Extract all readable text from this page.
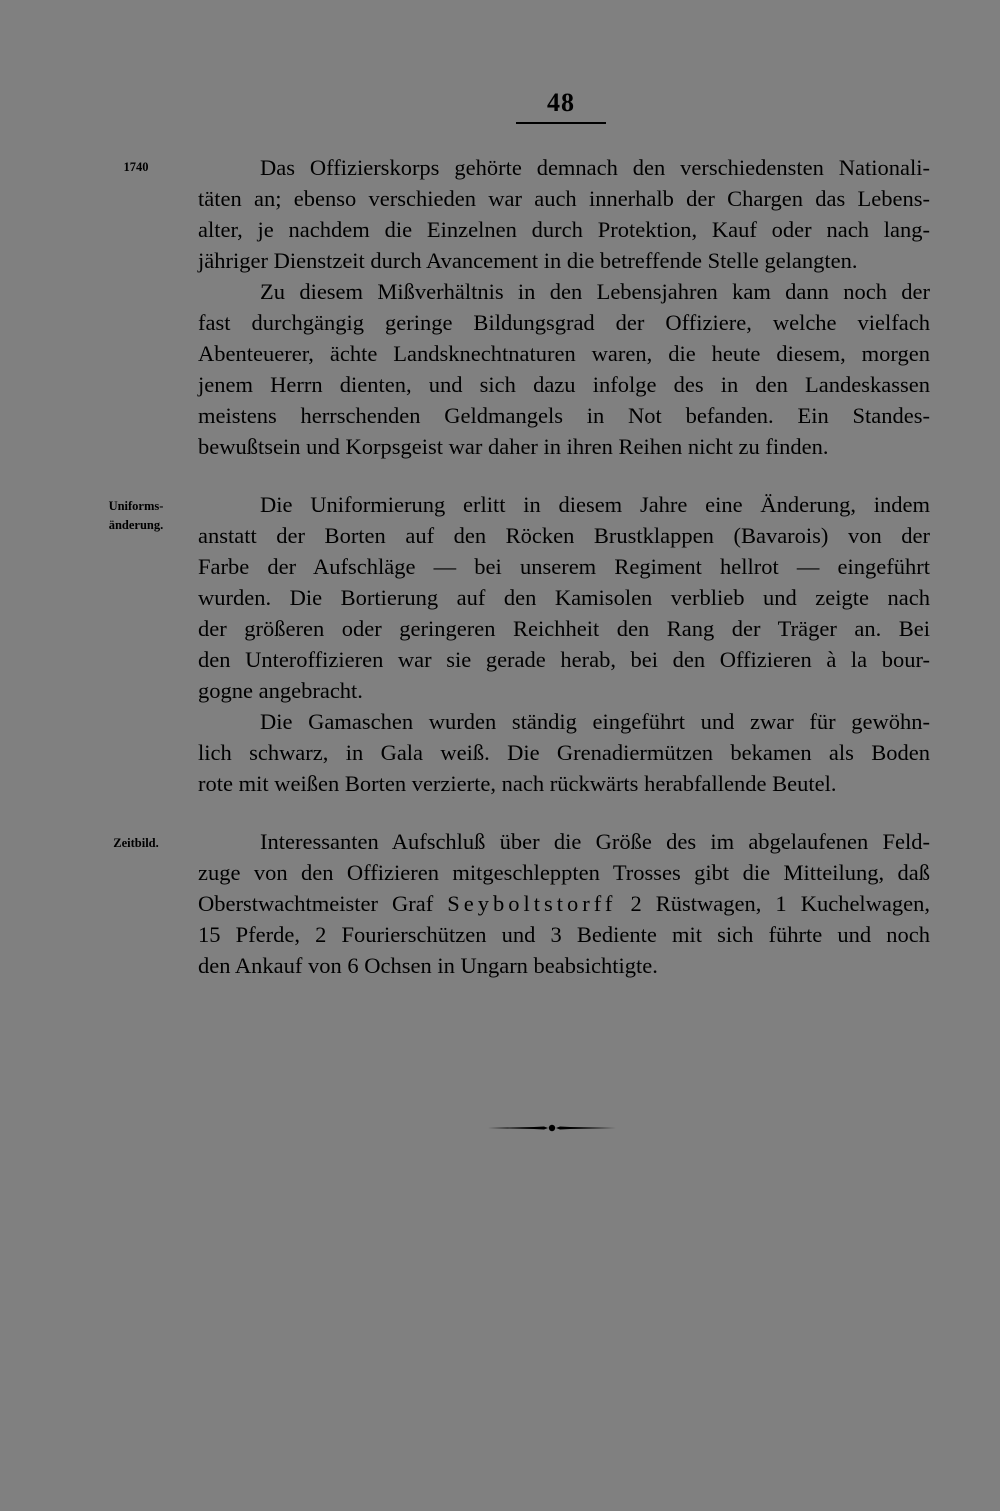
48
1740
Uniforms-
änderung.
Zeitbild.
Das Offizierskorps gehörte demnach den verschiedensten Nationali-
täten an; ebenso verschieden war auch innerhalb der Chargen das Lebens-
alter, je nachdem die Einzelnen durch Protektion, Kauf oder nach lang-
jähriger Dienstzeit durch Avancement in die betreffende Stelle gelangten.
Zu diesem Mißverhältnis in den Lebensjahren kam dann noch der
fast durchgängig geringe Bildungsgrad der Offiziere, welche vielfach
Abenteuerer, ächte Landsknechtnaturen waren, die heute diesem, morgen
jenem Herrn dienten, und sich dazu infolge des in den Landeskassen
meistens herrschenden Geldmangels in Not befanden. Ein Standes-
bewußtsein und Korpsgeist war daher in ihren Reihen nicht zu finden.
Die Uniformierung erlitt in diesem Jahre eine Änderung, indem
anstatt der Borten auf den Röcken Brustklappen (Bavarois) von der
Farbe der Aufschläge — bei unserem Regiment hellrot — eingeführt
wurden. Die Bortierung auf den Kamisolen verblieb und zeigte nach
der größeren oder geringeren Reichheit den Rang der Träger an. Bei
den Unteroffizieren war sie gerade herab, bei den Offizieren à la bour-
gogne angebracht.
Die Gamaschen wurden ständig eingeführt und zwar für gewöhn-
lich schwarz, in Gala weiß. Die Grenadiermützen bekamen als Boden
rote mit weißen Borten verzierte, nach rückwärts herabfallende Beutel.
Interessanten Aufschluß über die Größe des im abgelaufenen Feld-
zuge von den Offizieren mitgeschleppten Trosses gibt die Mitteilung, daß
Oberstwachtmeister Graf Seyboltstorff 2 Rüstwagen, 1 Kuchelwagen,
15 Pferde, 2 Fourierschützen und 3 Bediente mit sich führte und noch
den Ankauf von 6 Ochsen in Ungarn beabsichtigte.
